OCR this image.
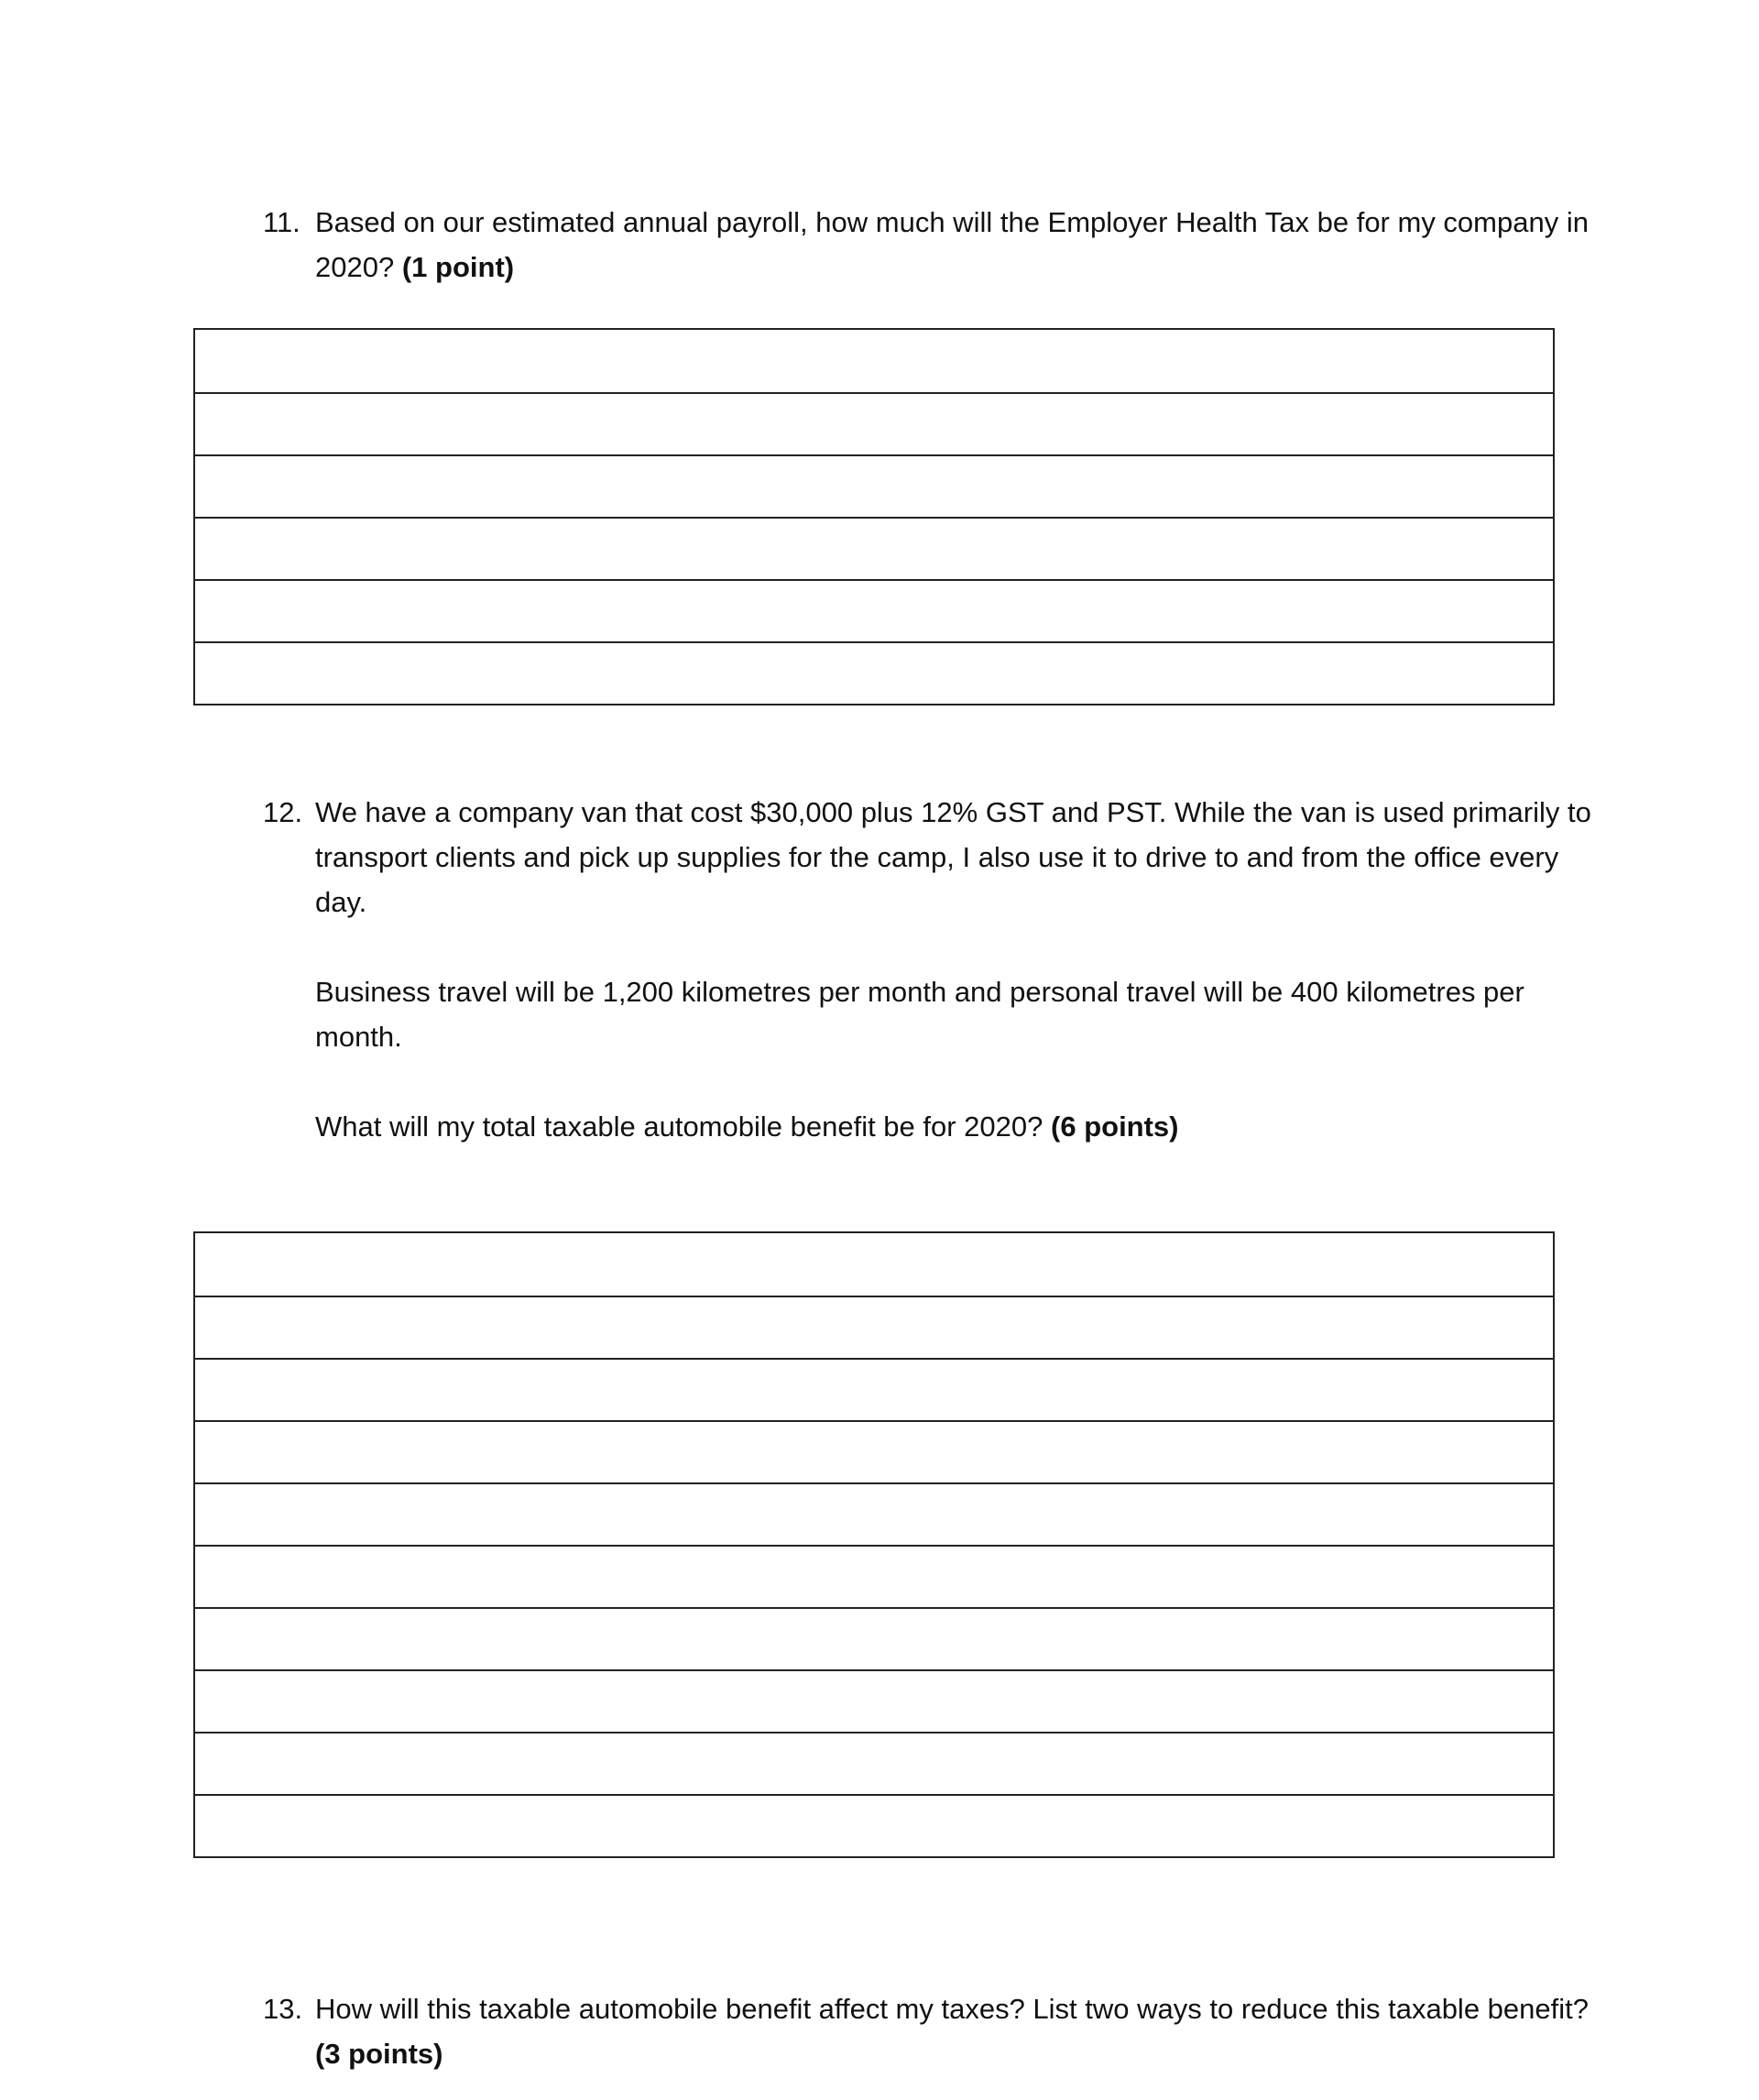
11. Based on our estimated annual payroll, how much will the Employer Health Tax be for my company in 2020? (1 point)

12. We have a company van that cost $30,000 plus 12% GST and PST. While the van is used primarily to transport clients and pick up supplies for the camp, I also use it to drive to and from the office every day.

Business travel will be 1,200 kilometres per month and personal travel will be 400 kilometres per month.

What will my total taxable automobile benefit be for 2020? (6 points)

13. How will this taxable automobile benefit affect my taxes? List two ways to reduce this taxable benefit? (3 points)
